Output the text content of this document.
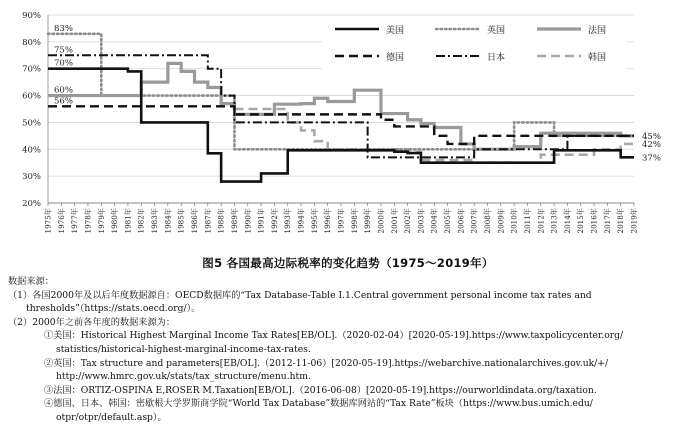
20%
30%
40%
50%
60%
70%
80%
90%
1975年 1976年 1977年 1978年 1979年 1980年 1981年 1982年 1983年 1984年 1985年 1986年 1987年 1988年 1989年 1990年 1991年 1992年 1993年 1994年 1995年 1996年 1997年 1998年 1999年 2000年 2001年 2002年 2003年 2004年 2005年 2006年 2007年 2008年 2009年 2010年 2011年 2012年 2013年 2014年 2015年 2016年 2017年 2018年 2019年
83%
75%
70%
60%
56%
45%
42%
37%
美国	英国	法国
德国	日本	韩国
图5 各国最高边际税率的变化趋势（1975～2019年）

数据来源：

（1）各国2000年及以后年度数据源自：OECD数据库的“Tax Database-Table I.1.Central government personal income tax rates and thresholds”（https://stats.oecd.org/）。

（2）2000年之前各年度的数据来源为：

①美国：Historical Highest Marginal Income Tax Rates[EB/OL].（2020-02-04）[2020-05-19].https://www.taxpolicycenter.org/ statistics/historical-highest-marginal-income-tax-rates.

②英国：Tax structure and parameters[EB/OL].（2012-11-06）[2020-05-19].https://webarchive.nationalarchives.gov.uk/+/ http://www.hmrc.gov.uk/stats/tax_structure/menu.htm.

③法国：ORTIZ-OSPINA E,ROSER M.Taxation[EB/OL].（2016-06-08）[2020-05-19].https://ourworldindata.org/taxation.

④德国、日本、韩国：密歇根大学罗斯商学院“World Tax Database”数据库网站的“Tax Rate”板块（https://www.bus.umich.edu/ otpr/otpr/default.asp）。
